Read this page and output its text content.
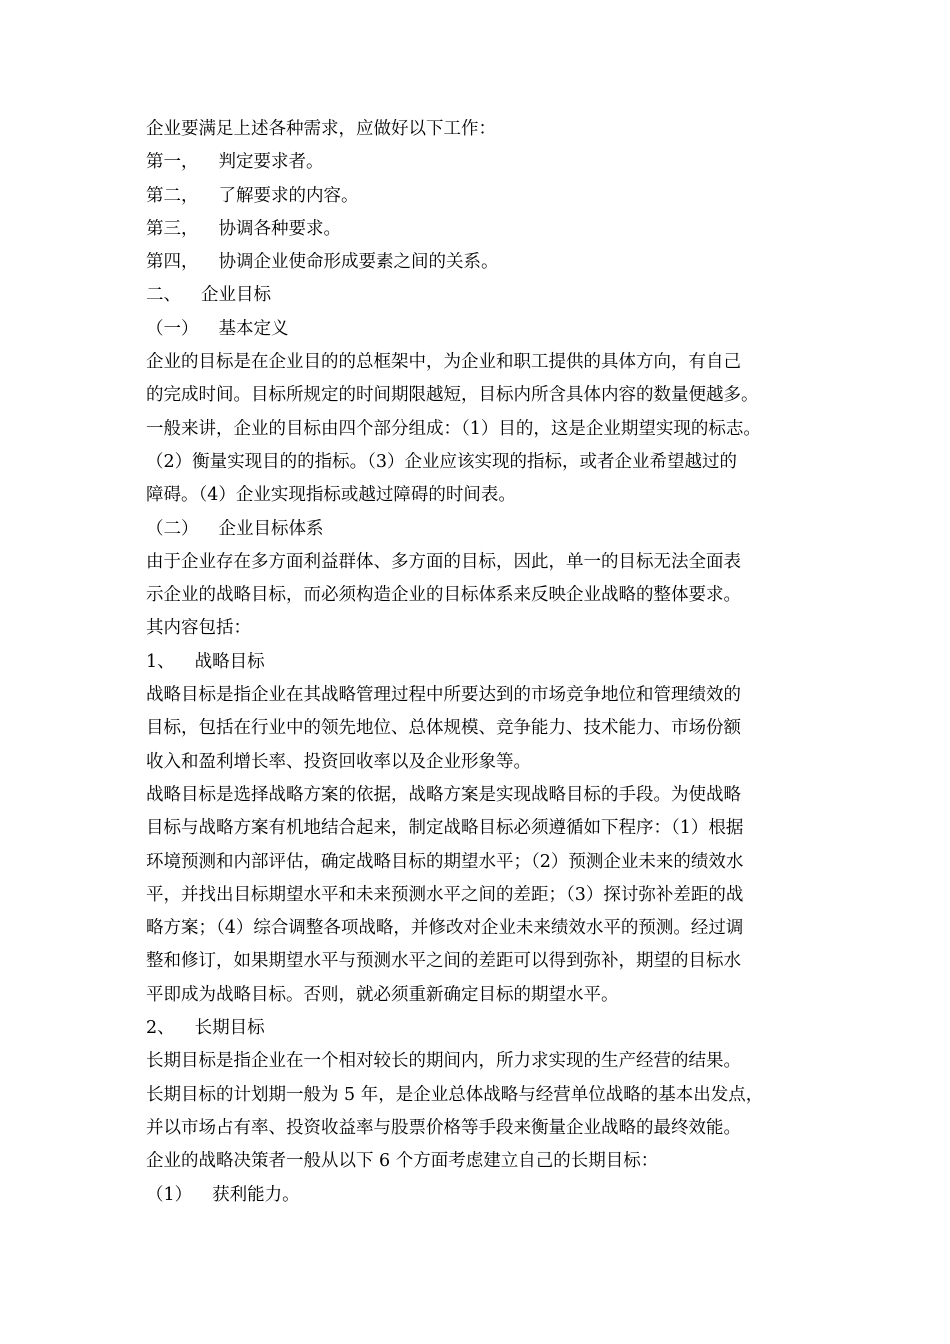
企业要满足上述各种需求，应做好以下工作：
第一， 判定要求者。
第二， 了解要求的内容。
第三， 协调各种要求。
第四， 协调企业使命形成要素之间的关系。
二、 企业目标
（一） 基本定义
企业的目标是在企业目的的总框架中，为企业和职工提供的具体方向，有自己
的完成时间。目标所规定的时间期限越短，目标内所含具体内容的数量便越多。
一般来讲，企业的目标由四个部分组成：（1）目的，这是企业期望实现的标志。
（2）衡量实现目的的指标。（3）企业应该实现的指标，或者企业希望越过的
障碍。（4）企业实现指标或越过障碍的时间表。
（二） 企业目标体系
由于企业存在多方面利益群体、多方面的目标，因此，单一的目标无法全面表
示企业的战略目标，而必须构造企业的目标体系来反映企业战略的整体要求。
其内容包括：
1、 战略目标
战略目标是指企业在其战略管理过程中所要达到的市场竞争地位和管理绩效的
目标，包括在行业中的领先地位、总体规模、竞争能力、技术能力、市场份额
收入和盈利增长率、投资回收率以及企业形象等。
战略目标是选择战略方案的依据，战略方案是实现战略目标的手段。为使战略
目标与战略方案有机地结合起来，制定战略目标必须遵循如下程序：（1）根据
环境预测和内部评估，确定战略目标的期望水平；（2）预测企业未来的绩效水
平，并找出目标期望水平和未来预测水平之间的差距；（3）探讨弥补差距的战
略方案；（4）综合调整各项战略，并修改对企业未来绩效水平的预测。经过调
整和修订，如果期望水平与预测水平之间的差距可以得到弥补，期望的目标水
平即成为战略目标。否则，就必须重新确定目标的期望水平。
2、 长期目标
长期目标是指企业在一个相对较长的期间内，所力求实现的生产经营的结果。
长期目标的计划期一般为 5 年，是企业总体战略与经营单位战略的基本出发点，
并以市场占有率、投资收益率与股票价格等手段来衡量企业战略的最终效能。
企业的战略决策者一般从以下 6 个方面考虑建立自己的长期目标：
（1） 获利能力。
